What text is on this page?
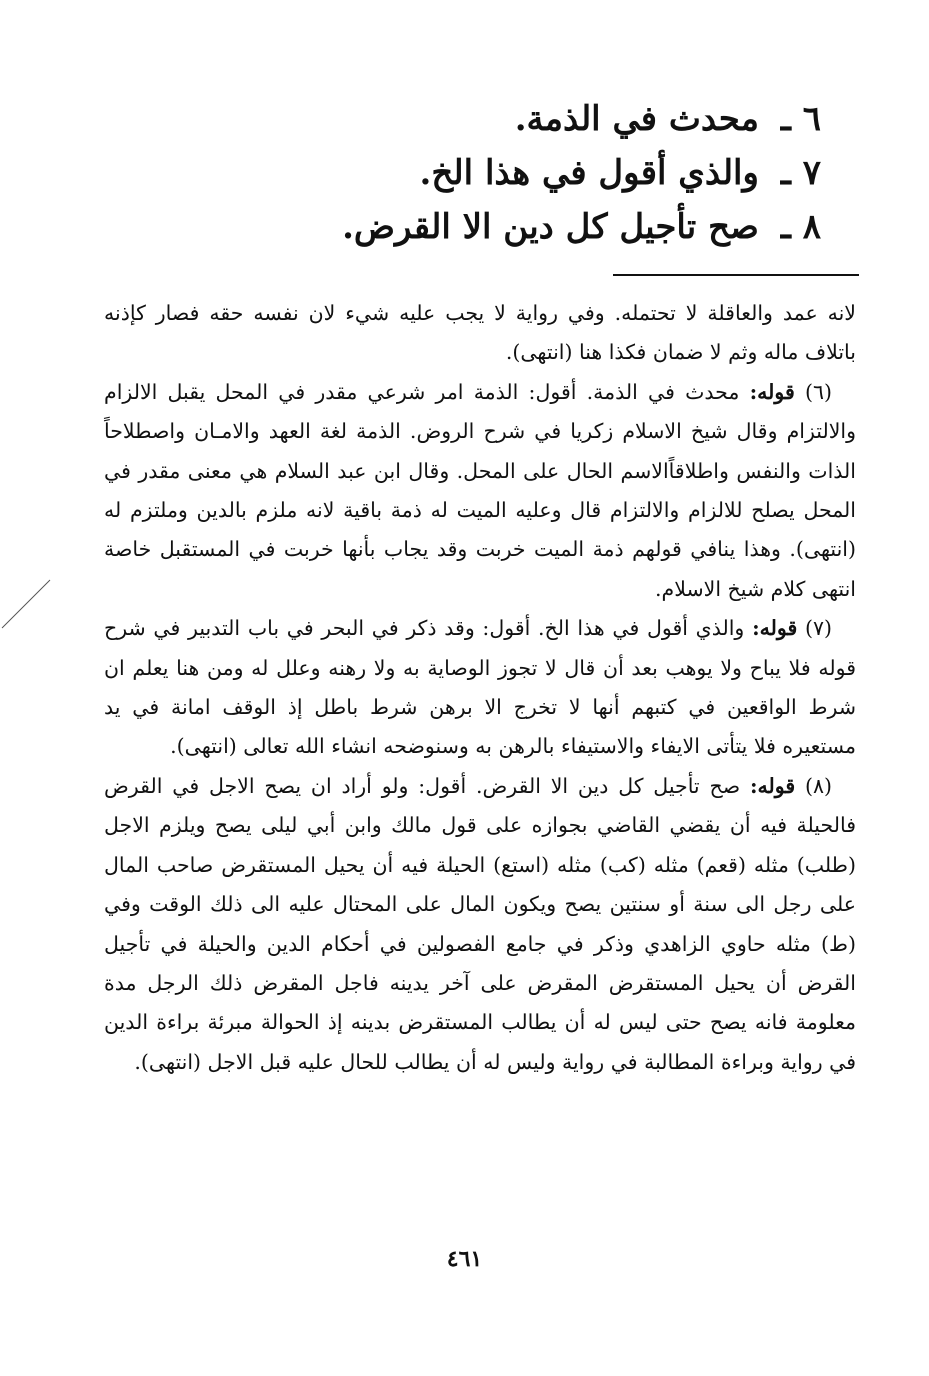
٦ ـمحدث في الذمة.
٧ ـوالذي أقول في هذا الخ.
٨ ـصح تأجيل كل دين الا القرض.

لانه عمد والعاقلة لا تحتمله. وفي رواية لا يجب عليه شيء لان نفسه حقه فصار كإذنه باتلاف ماله وثم لا ضمان فكذا هنا (انتهى).

(٦) قوله: محدث في الذمة. أقول: الذمة امر شرعي مقدر في المحل يقبل الالزام والالتزام وقال شيخ الاسلام زكريا في شرح الروض. الذمة لغة العهد والامـان واصطلاحاً الذات والنفس واطلاقاًالاسم الحال على المحل. وقال ابن عبد السلام هي معنى مقدر في المحل يصلح للالزام والالتزام قال وعليه الميت له ذمة باقية لانه ملزم بالدين وملتزم له (انتهى). وهذا ينافي قولهم ذمة الميت خربت وقد يجاب بأنها خربت في المستقبل خاصة انتهى كلام شيخ الاسلام.

(٧) قوله: والذي أقول في هذا الخ. أقول: وقد ذكر في البحر في باب التدبير في شرح قوله فلا يباح ولا يوهب بعد أن قال لا تجوز الوصاية به ولا رهنه وعلل له ومن هنا يعلم ان شرط الواقعين في كتبهم أنها لا تخرج الا برهن شرط باطل إذ الوقف امانة في يد مستعيره فلا يتأتى الايفاء والاستيفاء بالرهن به وسنوضحه انشاء الله تعالى (انتهى).

(٨) قوله: صح تأجيل كل دين الا القرض. أقول: ولو أراد ان يصح الاجل في القرض فالحيلة فيه أن يقضي القاضي بجوازه على قول مالك وابن أبي ليلى يصح ويلزم الاجل (طلب) مثله (قعم) مثله (كب) مثله (استع) الحيلة فيه أن يحيل المستقرض صاحب المال على رجل الى سنة أو سنتين يصح ويكون المال على المحتال عليه الى ذلك الوقت وفي (ط) مثله حاوي الزاهدي وذكر في جامع الفصولين في أحكام الدين والحيلة في تأجيل القرض أن يحيل المستقرض المقرض على آخر يدينه فاجل المقرض ذلك الرجل مدة معلومة فانه يصح حتى ليس له أن يطالب المستقرض بدينه إذ الحوالة مبرئة براءة الدين في رواية وبراءة المطالبة في رواية وليس له أن يطالب للحال عليه قبل الاجل (انتهى).

٤٦١
